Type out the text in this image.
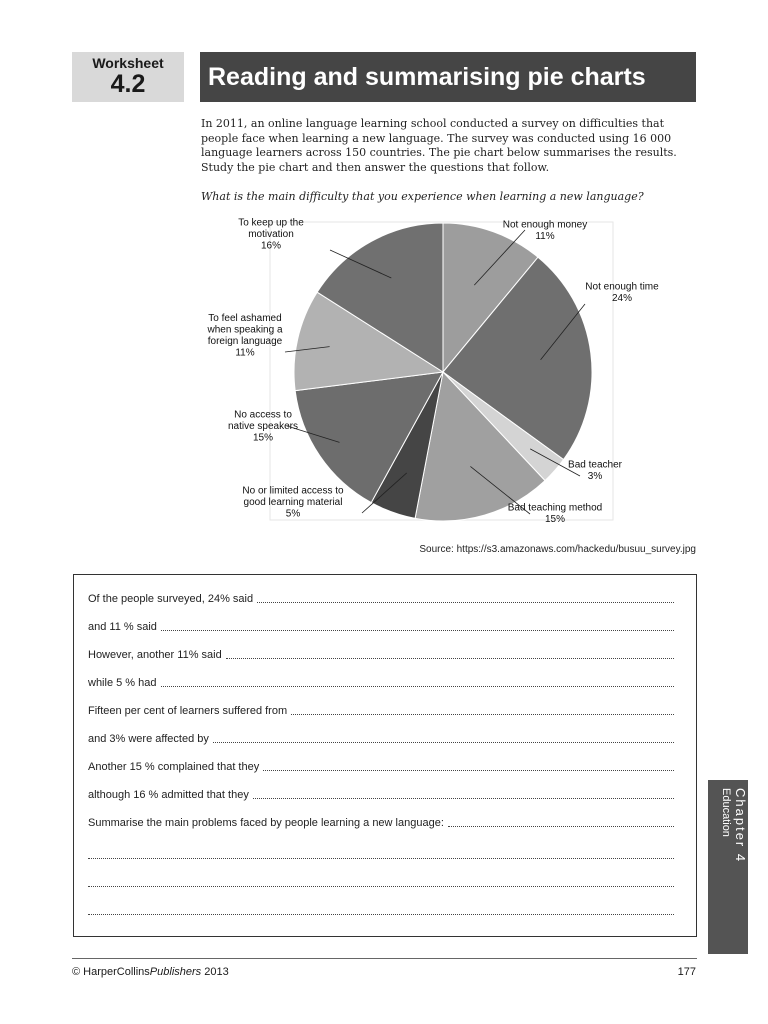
Worksheet
4.2	Reading and summarising pie charts

In 2011, an online language learning school conducted a survey on difficulties that people face when learning a new language. The survey was conducted using 16 000 language learners across 150 countries. The pie chart below summarises the results. Study the pie chart and then answer the questions that follow.

What is the main difficulty that you experience when learning a new language?
Not enough money 11%
Not enough time 24%
Bad teacher 3%
Bad teaching method 15%
No or limited access to good learning material 5%
No access to native speakers 15%
To feel ashamed when speaking a foreign language 11%
To keep up the motivation 16%
Source: https://s3.amazonaws.com/hackedu/busuu_survey.jpg
Of the people surveyed, 24% said
and 11 % said
However, another 11% said
while 5 % had
Fifteen per cent of learners suffered from
and 3% were affected by
Another 15 % complained that they
although 16 % admitted that they
Summarise the main problems faced by people learning a new language:	Chapter 4
Education
© HarperCollinsPublishers 2013	177
